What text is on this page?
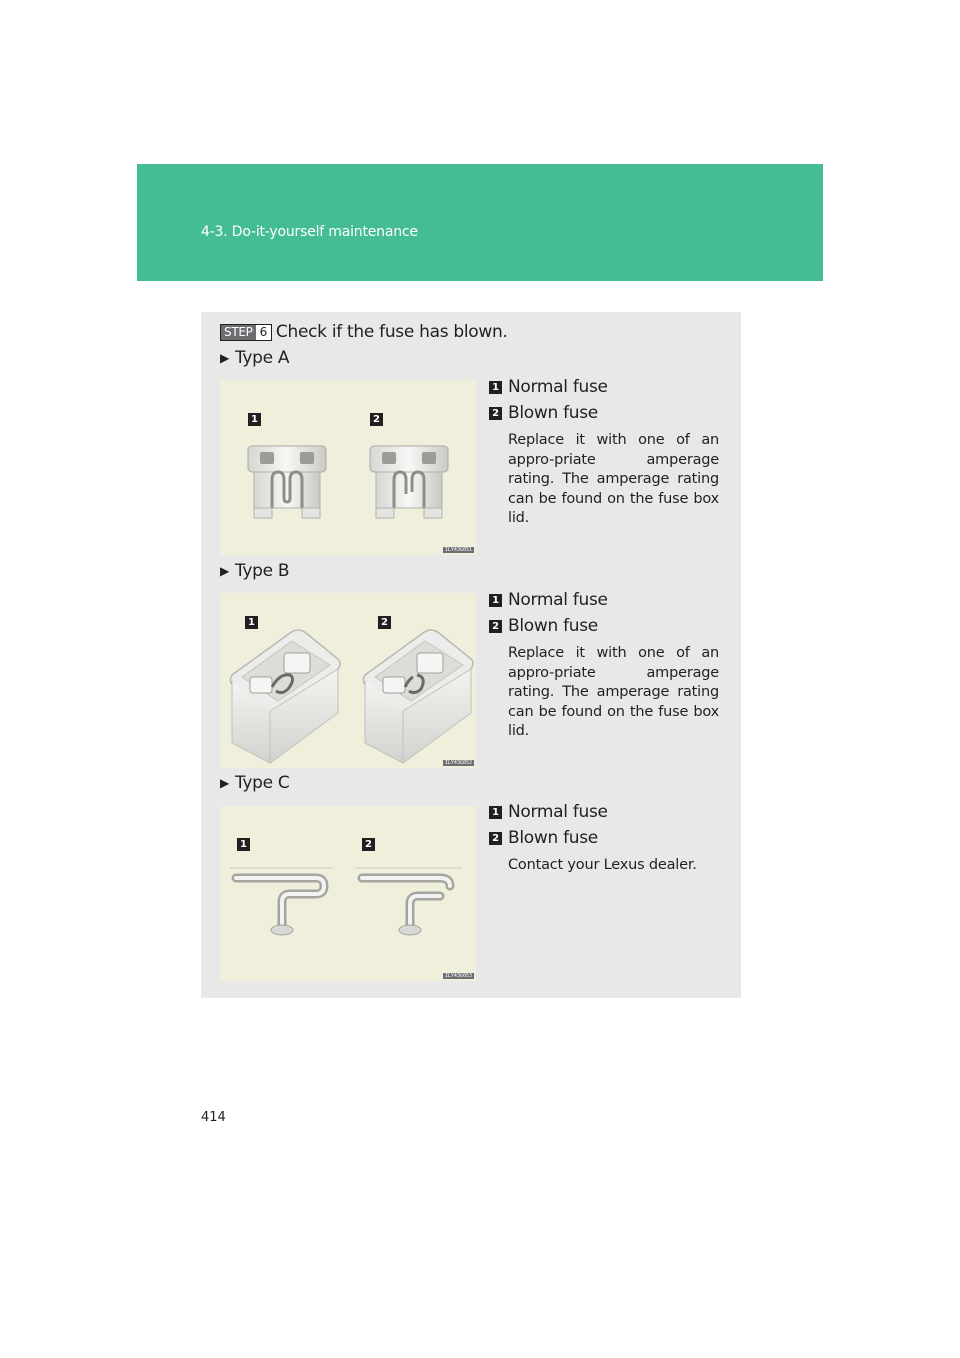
4-3. Do-it-yourself maintenance
STEP 6 Check if the fuse has blown.
▶ Type A
1	2
ILY43G051
1 Normal fuse
2 Blown fuse
Replace it with one of an appro-priate amperage rating. The amperage rating can be found on the fuse box lid.
▶ Type B
1	2
ILY43G052
1 Normal fuse
2 Blown fuse
Replace it with one of an appro-priate amperage rating. The amperage rating can be found on the fuse box lid.
▶ Type C
1	2
ILY43G053
1 Normal fuse
2 Blown fuse
Contact your Lexus dealer.
414
